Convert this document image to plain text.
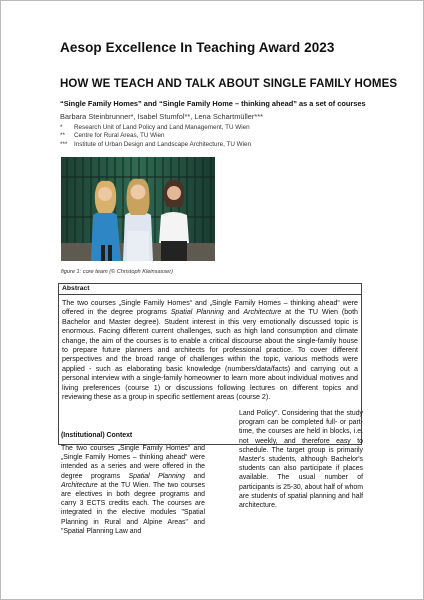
Aesop Excellence In Teaching Award 2023
HOW WE TEACH AND TALK ABOUT SINGLE FAMILY HOMES
“Single Family Homes” and “Single Family Home – thinking ahead” as a set of courses
Barbara Steinbrunner*, Isabel Stumfol**, Lena Schartmüller***
*	Research Unit of Land Policy and Land Management, TU Wien
**	Centre for Rural Areas, TU Wien
***	Institute of Urban Design and Landscape Architecture, TU Wien
figure 1: core team (© Christoph Kleinsasser)
Abstract
The two courses „Single Family Homes“ and „Single Family Homes – thinking ahead“ were offered in the degree programs Spatial Planning and Architecture at the TU Wien (both Bachelor and Master degree). Student interest in this very emotionally discussed topic is enormous. Facing different current challenges, such as high land consumption and climate change, the aim of the courses is to enable a critical discourse about the single-family house to prepare future planners and architects for professional practice. To cover different perspectives and the broad range of challenges within the topic, various methods were applied - such as elaborating basic knowledge (numbers/data/facts) and carrying out a personal interview with a single-family homeowner to learn more about individual motives and living preferences (course 1) or discussions following lectures on different topics and reviewing these as a group in specific settlement areas (course 2).
(Institutional) Context
The two courses „Single Family Homes“ and „Single Family Homes – thinking ahead“ were intended as a series and were offered in the degree programs Spatial Planning and Architecture at the TU Wien. The two courses are electives in both degree programs and carry 3 ECTS credits each. The courses are integrated in the elective modules "Spatial Planning in Rural and Alpine Areas" and "Spatial Planning Law and
Land Policy". Considering that the study program can be completed full- or part-time, the courses are held in blocks, i.e. not weekly, and therefore easy to schedule. The target group is primarily Master's students, although Bachelor's students can also participate if places available. The usual number of participants is 25-30, about half of whom are students of spatial planning and half architecture.
